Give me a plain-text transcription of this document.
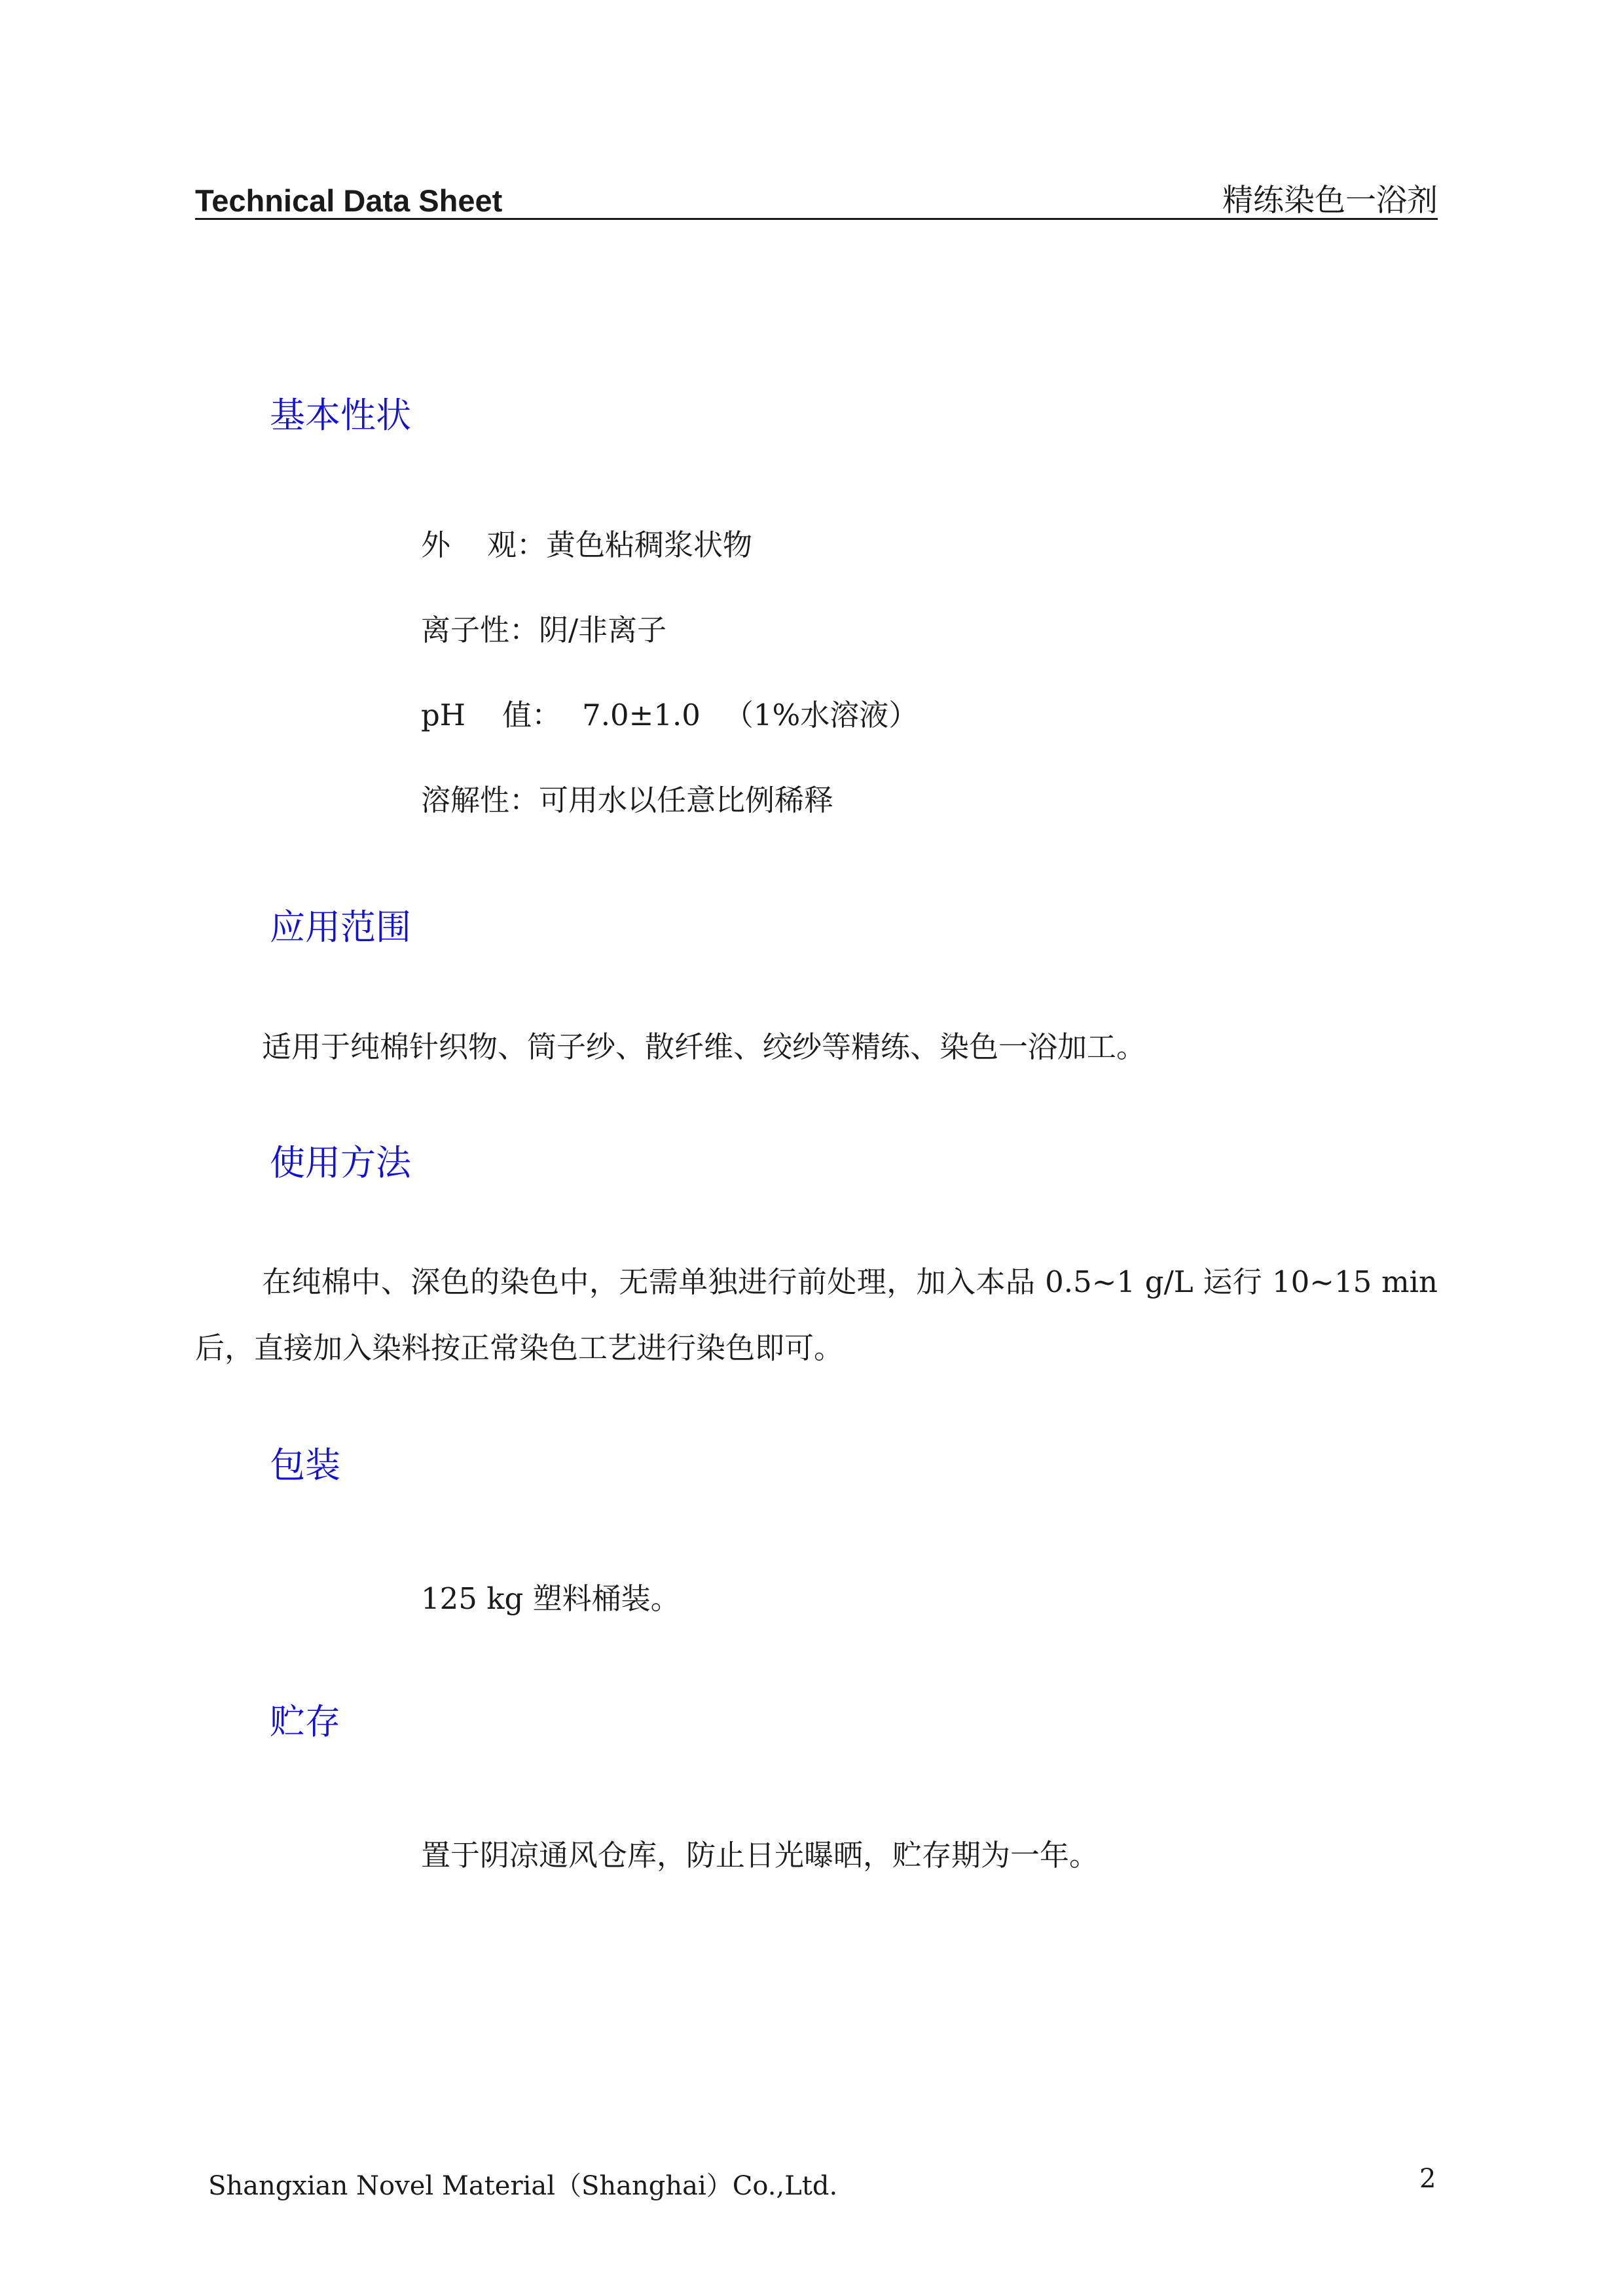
Technical Data Sheet	精练染色一浴剂
基本性状
外 观： 黄色粘稠浆状物
离子性： 阴/非离子
pH 值： 7.0±1.0 （1%水溶液）
溶解性： 可用水以任意比例稀释
应用范围
适用于纯棉针织物、筒子纱、散纤维、绞纱等精练、染色一浴加工。
使用方法
在纯棉中、深色的染色中，无需单独进行前处理，加入本品 0.5~1 g/L 运行 10~15 min
后，直接加入染料按正常染色工艺进行染色即可。
包装
125 kg 塑料桶装。
贮存
置于阴凉通风仓库，防止日光曝晒，贮存期为一年。
Shangxian Novel Material（Shanghai）Co.,Ltd.	2
